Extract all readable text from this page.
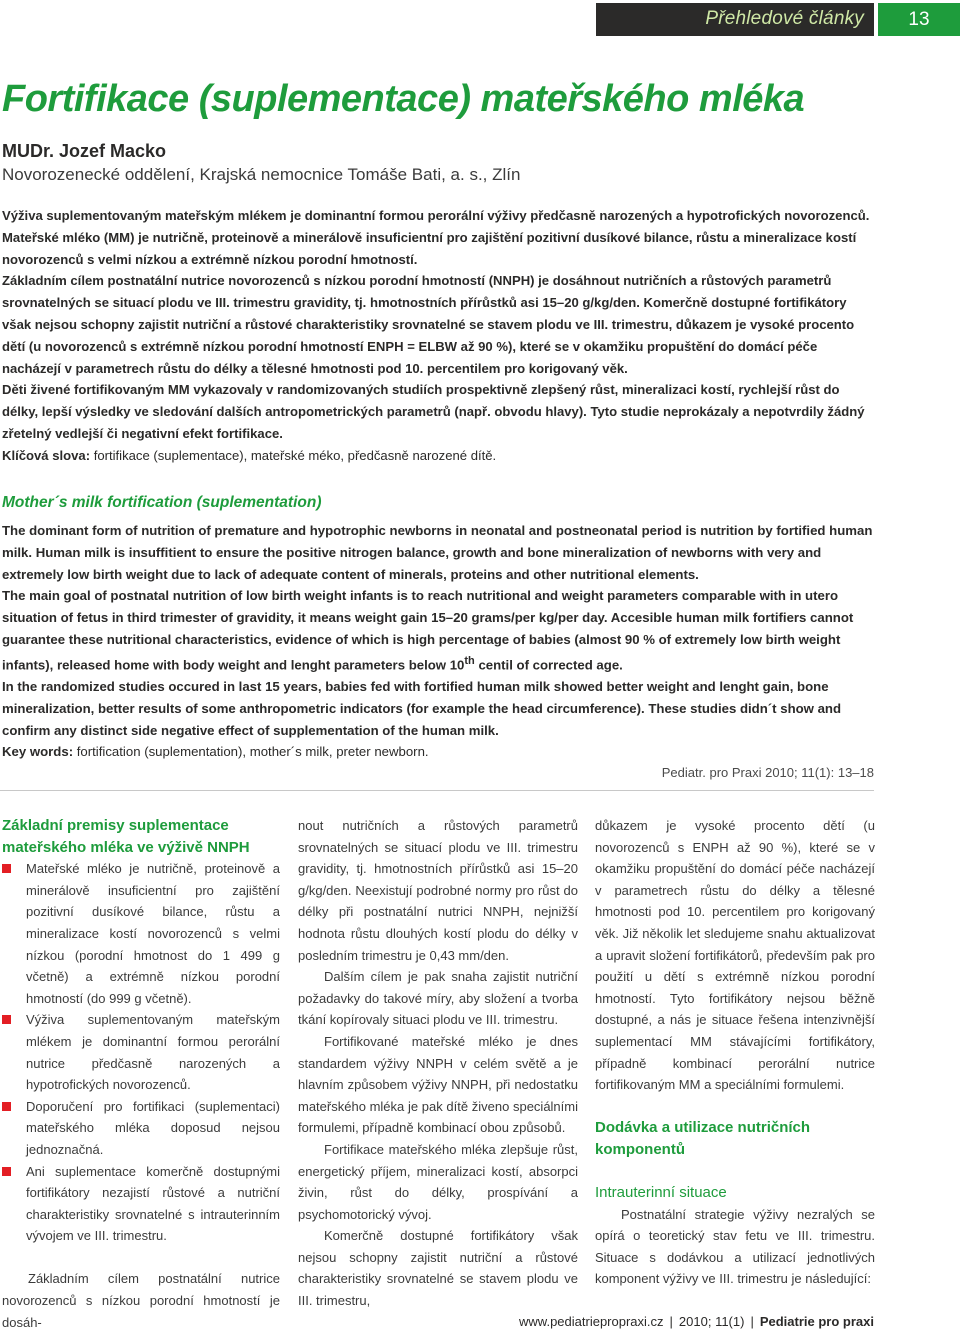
Přehledové články	13
Fortifikace (suplementace) mateřského mléka
MUDr. Jozef Macko
Novorozenecké oddělení, Krajská nemocnice Tomáše Bati, a. s., Zlín

Výživa suplementovaným mateřským mlékem je dominantní formou perorální výživy předčasně narozených a hypotrofických novorozenců. Mateřské mléko (MM) je nutričně, proteinově a minerálově insuficientní pro zajištění pozitivní dusíkové bilance, růstu a mineralizace kostí novorozenců s velmi nízkou a extrémně nízkou porodní hmotností.

Základním cílem postnatální nutrice novorozenců s nízkou porodní hmotností (NNPH) je dosáhnout nutričních a růstových parametrů srovnatelných se situací plodu ve III. trimestru gravidity, tj. hmotnostních přírůstků asi 15–20 g/kg/den. Komerčně dostupné fortifikátory však nejsou schopny zajistit nutriční a růstové charakteristiky srovnatelné se stavem plodu ve III. trimestru, důkazem je vysoké procento dětí (u novorozenců s extrémně nízkou porodní hmotností ENPH = ELBW až 90 %), které se v okamžiku propuštění do domácí péče nacházejí v parametrech růstu do délky a tělesné hmotnosti pod 10. percentilem pro korigovaný věk.

Děti živené fortifikovaným MM vykazovaly v randomizovaných studiích prospektivně zlepšený růst, mineralizaci kostí, rychlejší růst do délky, lepší výsledky ve sledování dalších antropometrických parametrů (např. obvodu hlavy). Tyto studie neprokázaly a nepotvrdily žádný zřetelný vedlejší či negativní efekt fortifikace.

Klíčová slova: fortifikace (suplementace), mateřské méko, předčasně narozené dítě.

Mother´s milk fortification (suplementation)

The dominant form of nutrition of premature and hypotrophic newborns in neonatal and postneonatal period is nutrition by fortified human milk. Human milk is insuffitient to ensure the positive nitrogen balance, growth and bone mineralization of newborns with very and extremely low birth weight due to lack of adequate content of minerals, proteins and other nutritional elements.

The main goal of postnatal nutrition of low birth weight infants is to reach nutritional and weight parameters comparable with in utero situation of fetus in third trimester of gravidity, it means weight gain 15–20 grams/per kg/per day. Accesible human milk fortifiers cannot guarantee these nutritional characteristics, evidence of which is high percentage of babies (almost 90 % of extremely low birth weight infants), released home with body weight and lenght parameters below 10th centil of corrected age.

In the randomized studies occured in last 15 years, babies fed with fortified human milk showed better weight and lenght gain, bone mineralization, better results of some anthropometric indicators (for example the head circumference). These studies didn´t show and confirm any distinct side negative effect of supplementation of the human milk.

Key words: fortification (suplementation), mother´s milk, preter newborn.

Pediatr. pro Praxi 2010; 11(1): 13–18
Základní premisy suplementace mateřského mléka ve výživě NNPH
Mateřské mléko je nutričně, proteinově a minerálově insuficientní pro zajištění pozitivní dusíkové bilance, růstu a mineralizace kostí novorozenců s velmi nízkou (porodní hmotnost do 1 499 g včetně) a extrémně nízkou porodní hmotností (do 999 g včetně).
Výživa suplementovaným mateřským mlékem je dominantní formou perorální nutrice předčasně narozených a hypotrofických novorozenců.
Doporučení pro fortifikaci (suplementaci) mateřského mléka doposud nejsou jednoznačná.
Ani suplementace komerčně dostupnými fortifikátory nezajistí růstové a nutriční charakteristiky srovnatelné s intrauterinním vývojem ve III. trimestru.

Základním cílem postnatální nutrice novorozenců s nízkou porodní hmotností je dosáh-

nout nutričních a růstových parametrů srovnatelných se situací plodu ve III. trimestru gravidity, tj. hmotnostních přírůstků asi 15–20 g/kg/den. Neexistují podrobné normy pro růst do délky při postnatální nutrici NNPH, nejnižší hodnota růstu dlouhých kostí plodu do délky v posledním trimestru je 0,43 mm/den.

Dalším cílem je pak snaha zajistit nutriční požadavky do takové míry, aby složení a tvorba tkání kopírovaly situaci plodu ve III. trimestru.

Fortifikované mateřské mléko je dnes standardem výživy NNPH v celém světě a je hlavním způsobem výživy NNPH, při nedostatku mateřského mléka je pak dítě živeno speciálními formulemi, případně kombinací obou způsobů.

Fortifikace mateřského mléka zlepšuje růst, energetický příjem, mineralizaci kostí, absorpci živin, růst do délky, prospívání a psychomotorický vývoj.

Komerčně dostupné fortifikátory však nejsou schopny zajistit nutriční a růstové charakteristiky srovnatelné se stavem plodu ve III. trimestru,

důkazem je vysoké procento dětí (u novorozenců s ENPH až 90 %), které se v okamžiku propuštění do domácí péče nacházejí v parametrech růstu do délky a tělesné hmotnosti pod 10. percentilem pro korigovaný věk. Již několik let sledujeme snahu aktualizovat a upravit složení fortifikátorů, především pak pro použití u dětí s extrémně nízkou porodní hmotností. Tyto fortifikátory nejsou běžně dostupné, a nás je situace řešena intenzivnější suplementací MM stávajícími fortifikátory, případně kombinací perorální nutrice fortifikovaným MM a speciálními formulemi.

Dodávka a utilizace nutričních komponentů
Intrauterinní situace

Postnatální strategie výživy nezralých se opírá o teoretický stav fetu ve III. trimestru. Situace s dodávkou a utilizací jednotlivých komponent výživy ve III. trimestru je následující:

www.pediatriepropraxi.cz | 2010; 11(1) | Pediatrie pro praxi
